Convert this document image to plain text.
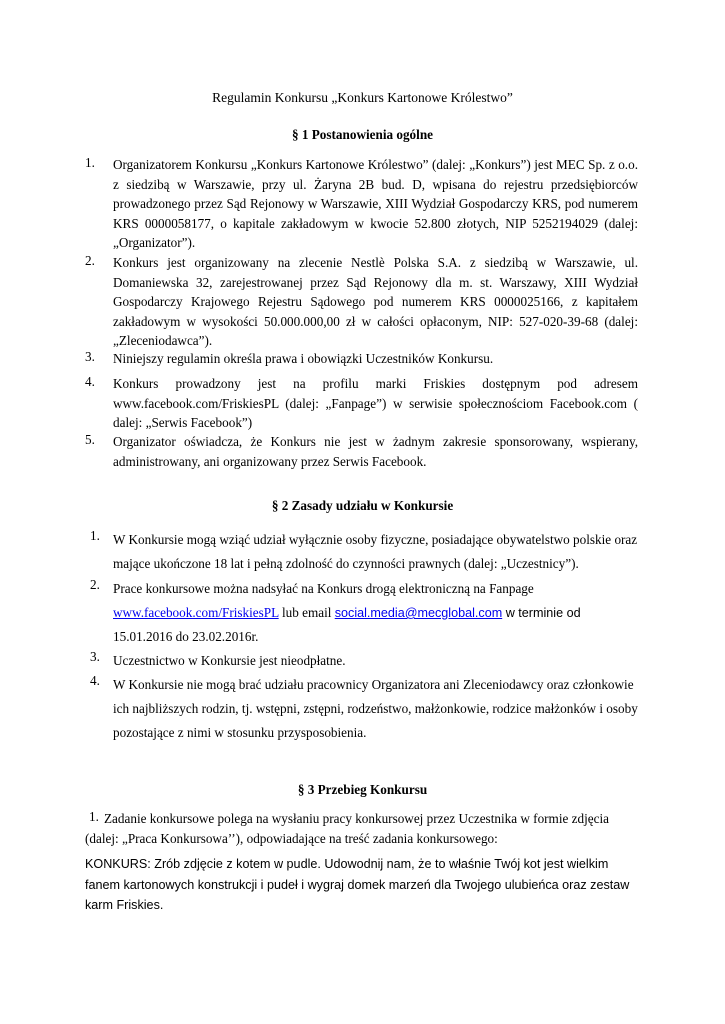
Regulamin Konkursu „Konkurs Kartonowe Królestwo”
§ 1 Postanowienia ogólne
1. Organizatorem Konkursu „Konkurs Kartonowe Królestwo” (dalej: „Konkurs”) jest MEC Sp. z o.o.
z siedzibą w Warszawie, przy ul. Żaryna 2B bud. D, wpisana do rejestru przedsiębiorców
prowadzonego przez Sąd Rejonowy w Warszawie, XIII Wydział Gospodarczy KRS, pod numerem
KRS 0000058177, o kapitale zakładowym w kwocie 52.800 złotych, NIP 5252194029 (dalej:
„Organizator”).
2. Konkurs jest organizowany na zlecenie Nestlè Polska S.A. z siedzibą w Warszawie, ul.
Domaniewska 32, zarejestrowanej przez Sąd Rejonowy dla m. st. Warszawy, XIII Wydział
Gospodarczy Krajowego Rejestru Sądowego pod numerem KRS 0000025166, z kapitałem
zakładowym w wysokości 50.000.000,00 zł w całości opłaconym, NIP: 527-020-39-68 (dalej:
„Zleceniodawca”).
3. Niniejszy regulamin określa prawa i obowiązki Uczestników Konkursu.
4. Konkurs prowadzony jest na profilu marki Friskies dostępnym pod adresem
www.facebook.com/FriskiesPL (dalej: „Fanpage”) w serwisie społecznościom Facebook.com (
dalej: „Serwis Facebook”)
5. Organizator oświadcza, że Konkurs nie jest w żadnym zakresie sponsorowany, wspierany,
administrowany, ani organizowany przez Serwis Facebook.
§ 2 Zasady udziału w Konkursie
1. W Konkursie mogą wziąć udział wyłącznie osoby fizyczne, posiadające obywatelstwo polskie oraz
mające ukończone 18 lat i pełną zdolność do czynności prawnych (dalej: „Uczestnicy”).
2. Prace konkursowe można nadsyłać na Konkurs drogą elektroniczną na Fanpage
www.facebook.com/FriskiesPL lub email social.media@mecglobal.com w terminie od
15.01.2016 do 23.02.2016r.
3. Uczestnictwo w Konkursie jest nieodpłatne.
4. W Konkursie nie mogą brać udziału pracownicy Organizatora ani Zleceniodawcy oraz członkowie
ich najbliższych rodzin, tj. wstępni, zstępni, rodzeństwo, małżonkowie, rodzice małżonków i osoby
pozostające z nimi w stosunku przysposobienia.
§ 3 Przebieg Konkursu
1. Zadanie konkursowe polega na wysłaniu pracy konkursowej przez Uczestnika w formie zdjęcia
(dalej: „Praca Konkursowa’’), odpowiadające na treść zadania konkursowego:
KONKURS: Zrób zdjęcie z kotem w pudle. Udowodnij nam, że to właśnie Twój kot jest wielkim
fanem kartonowych konstrukcji i pudeł i wygraj domek marzeń dla Twojego ulubieńca oraz zestaw
karm Friskies.
